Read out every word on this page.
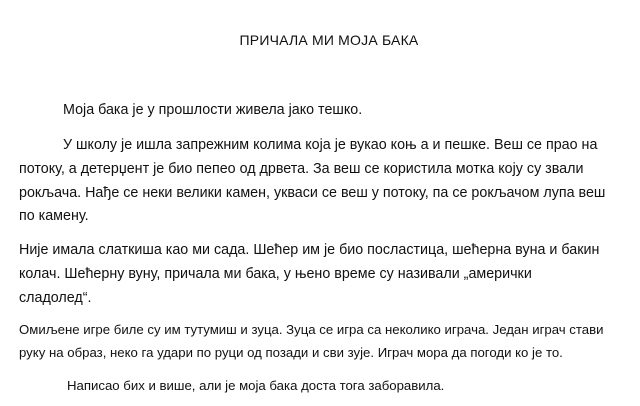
ПРИЧАЛА МИ МОЈА БАКА
Моја бака је у прошлости живела јако тешко.
У школу је ишла запрежним колима која је вукао коњ а и пешке. Веш се прао на
потоку, а детерџент је био пепео од дрвета. За веш се користила мотка коју су звали
рокљача. Нађе се неки велики камен, укваси се веш у потоку, па се рокљачом лупа веш
по камену.
Није имала слаткиша као ми сада. Шећер им је био посластица, шећерна вуна и бакин
колач. Шећерну вуну, причала ми бака, у њено време су називали „амерички
сладолед“.
Омиљене игре биле су им тутумиш и зуца. Зуца се игра са неколико играча. Један играч стави
руку на образ, неко га удари по руци од позади и сви зује. Играч мора да погоди ко је то.
Написао бих и више, али је моја бака доста тога заборавила.
